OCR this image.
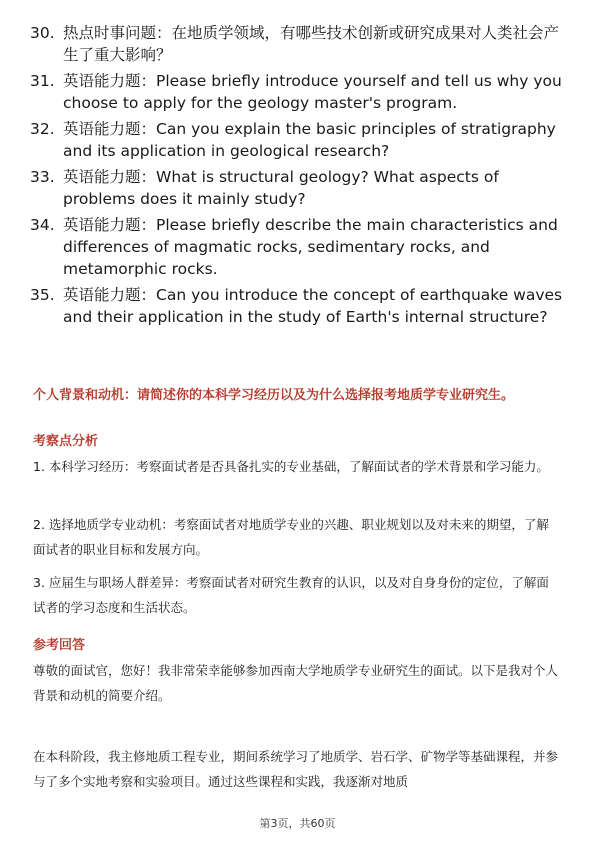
30. 热点时事问题：在地质学领域，有哪些技术创新或研究成果对人类社会产生了重大影响？
31. 英语能力题：Please briefly introduce yourself and tell us why you choose to apply for the geology master's program.
32. 英语能力题：Can you explain the basic principles of stratigraphy and its application in geological research?
33. 英语能力题：What is structural geology? What aspects of problems does it mainly study?
34. 英语能力题：Please briefly describe the main characteristics and differences of magmatic rocks, sedimentary rocks, and metamorphic rocks.
35. 英语能力题：Can you introduce the concept of earthquake waves and their application in the study of Earth's internal structure?
个人背景和动机：请简述你的本科学习经历以及为什么选择报考地质学专业研究生。
考察点分析
1. 本科学习经历：考察面试者是否具备扎实的专业基础，了解面试者的学术背景和学习能力。
2. 选择地质学专业动机：考察面试者对地质学专业的兴趣、职业规划以及对未来的期望，了解面试者的职业目标和发展方向。
3. 应届生与职场人群差异：考察面试者对研究生教育的认识，以及对自身身份的定位，了解面试者的学习态度和生活状态。
参考回答
尊敬的面试官，您好！我非常荣幸能够参加西南大学地质学专业研究生的面试。以下是我对个人背景和动机的简要介绍。
在本科阶段，我主修地质工程专业，期间系统学习了地质学、岩石学、矿物学等基础课程，并参与了多个实地考察和实验项目。通过这些课程和实践，我逐渐对地质
第3页，共60页
